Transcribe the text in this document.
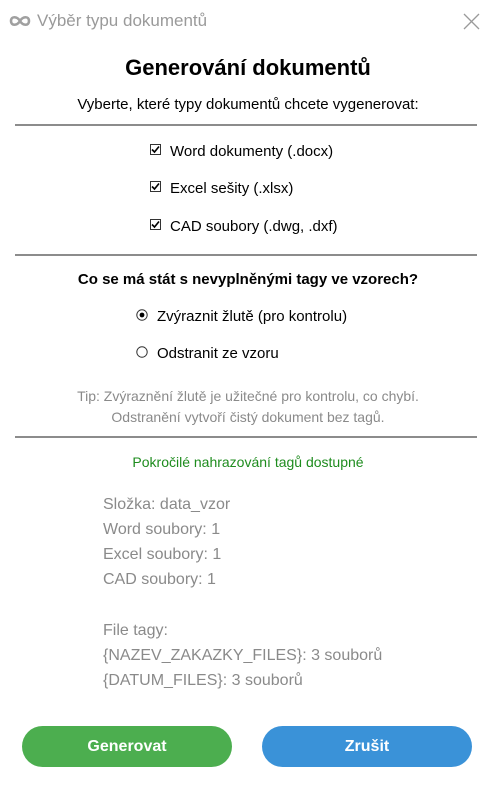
Výběr typu dokumentů
Generování dokumentů
Vyberte, které typy dokumentů chcete vygenerovat:
Word dokumenty (.docx)
Excel sešity (.xlsx)
CAD soubory (.dwg, .dxf)
Co se má stát s nevyplněnými tagy ve vzorech?
Zvýraznit žlutě (pro kontrolu)
Odstranit ze vzoru
Tip: Zvýraznění žlutě je užitečné pro kontrolu, co chybí.
Odstranění vytvoří čistý dokument bez tagů.
Pokročilé nahrazování tagů dostupné
Složka: data_vzor
Word soubory: 1
Excel soubory: 1
CAD soubory: 1
File tagy:
{NAZEV_ZAKAZKY_FILES}: 3 souborů
{DATUM_FILES}: 3 souborů
Generovat	Zrušit
